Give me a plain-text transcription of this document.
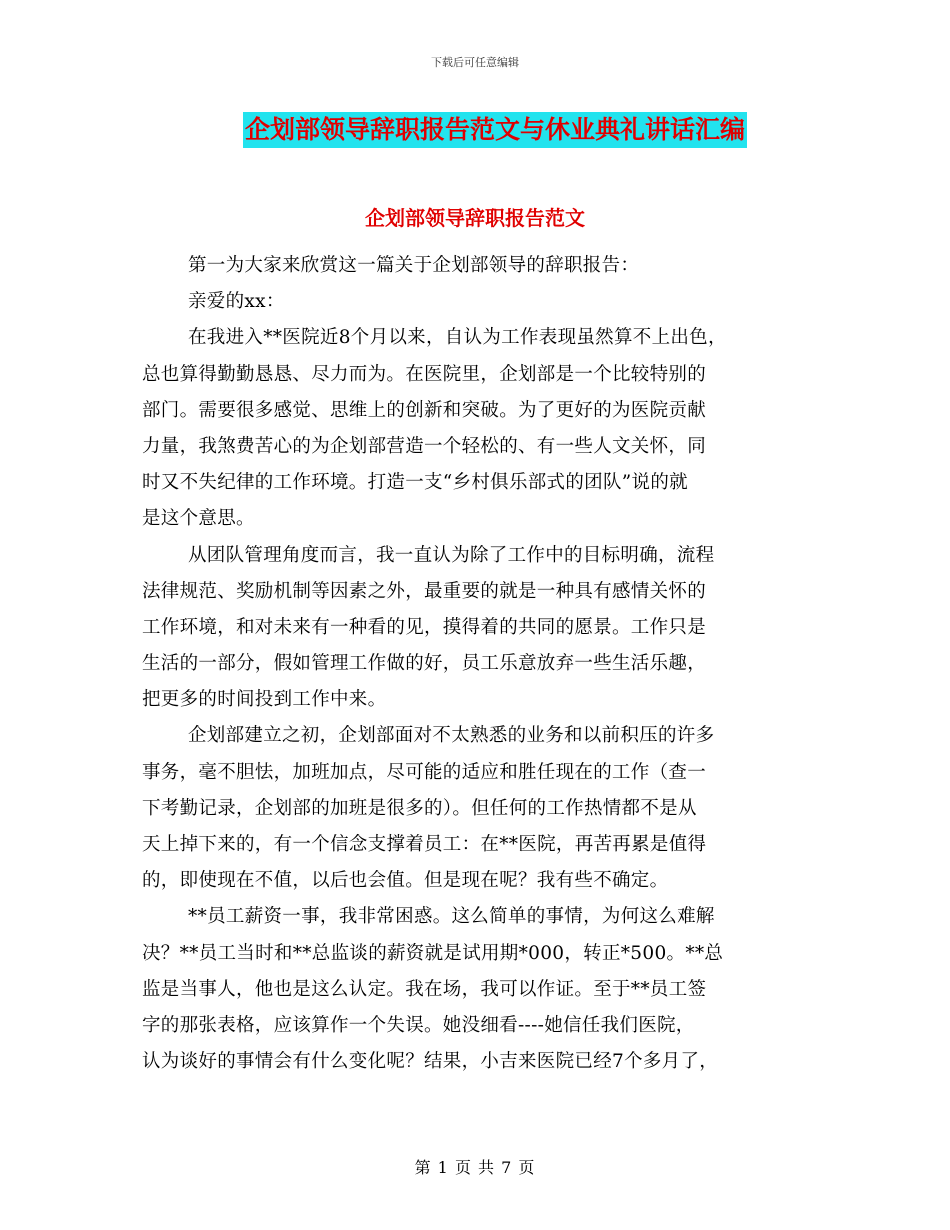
下载后可任意编辑
企划部领导辞职报告范文与休业典礼讲话汇编
企划部领导辞职报告范文
第一为大家来欣赏这一篇关于企划部领导的辞职报告：
亲爱的xx：
在我进入**医院近8个月以来，自认为工作表现虽然算不上出色，
总也算得勤勤恳恳、尽力而为。在医院里，企划部是一个比较特别的
部门。需要很多感觉、思维上的创新和突破。为了更好的为医院贡献
力量，我煞费苦心的为企划部营造一个轻松的、有一些人文关怀，同
时又不失纪律的工作环境。打造一支“乡村俱乐部式的团队”说的就
是这个意思。
从团队管理角度而言，我一直认为除了工作中的目标明确，流程
法律规范、奖励机制等因素之外，最重要的就是一种具有感情关怀的
工作环境，和对未来有一种看的见，摸得着的共同的愿景。工作只是
生活的一部分，假如管理工作做的好，员工乐意放弃一些生活乐趣，
把更多的时间投到工作中来。
企划部建立之初，企划部面对不太熟悉的业务和以前积压的许多
事务，毫不胆怯，加班加点，尽可能的适应和胜任现在的工作（查一
下考勤记录，企划部的加班是很多的）。但任何的工作热情都不是从
天上掉下来的，有一个信念支撑着员工：在**医院，再苦再累是值得
的，即使现在不值，以后也会值。但是现在呢？我有些不确定。
**员工薪资一事，我非常困惑。这么简单的事情，为何这么难解
决？**员工当时和**总监谈的薪资就是试用期*000，转正*500。**总
监是当事人，他也是这么认定。我在场，我可以作证。至于**员工签
字的那张表格，应该算作一个失误。她没细看----她信任我们医院，
认为谈好的事情会有什么变化呢？结果，小吉来医院已经7个多月了，
第 1 页 共 7 页
